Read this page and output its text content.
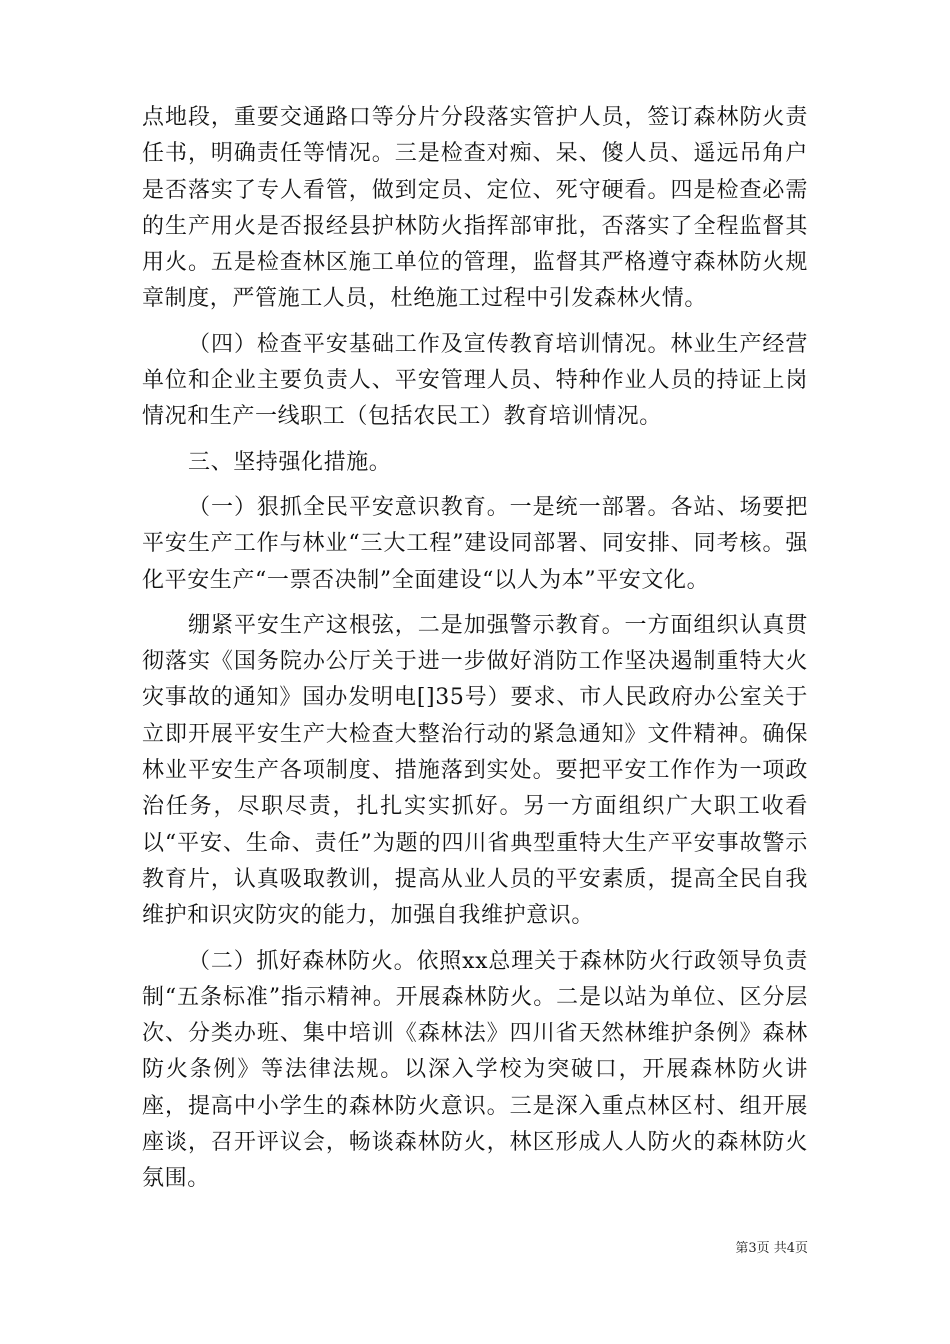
点地段，重要交通路口等分片分段落实管护人员，签订森林防火责任书，明确责任等情况。三是检查对痴、呆、傻人员、遥远吊角户是否落实了专人看管，做到定员、定位、死守硬看。四是检查必需的生产用火是否报经县护林防火指挥部审批，否落实了全程监督其用火。五是检查林区施工单位的管理，监督其严格遵守森林防火规章制度，严管施工人员，杜绝施工过程中引发森林火情。

（四）检查平安基础工作及宣传教育培训情况。林业生产经营单位和企业主要负责人、平安管理人员、特种作业人员的持证上岗情况和生产一线职工（包括农民工）教育培训情况。

三、坚持强化措施。

（一）狠抓全民平安意识教育。一是统一部署。各站、场要把平安生产工作与林业“三大工程”建设同部署、同安排、同考核。强化平安生产“一票否决制”全面建设“以人为本”平安文化。

绷紧平安生产这根弦，二是加强警示教育。一方面组织认真贯彻落实《国务院办公厅关于进一步做好消防工作坚决遏制重特大火灾事故的通知》国办发明电[]35号）要求、市人民政府办公室关于立即开展平安生产大检查大整治行动的紧急通知》文件精神。确保林业平安生产各项制度、措施落到实处。要把平安工作作为一项政治任务，尽职尽责，扎扎实实抓好。另一方面组织广大职工收看以“平安、生命、责任”为题的四川省典型重特大生产平安事故警示教育片，认真吸取教训，提高从业人员的平安素质，提高全民自我维护和识灾防灾的能力，加强自我维护意识。

（二）抓好森林防火。依照xx总理关于森林防火行政领导负责制“五条标准”指示精神。开展森林防火。二是以站为单位、区分层次、分类办班、集中培训《森林法》四川省天然林维护条例》森林防火条例》等法律法规。以深入学校为突破口，开展森林防火讲座，提高中小学生的森林防火意识。三是深入重点林区村、组开展座谈，召开评议会，畅谈森林防火，林区形成人人防火的森林防火氛围。

第3页 共4页
